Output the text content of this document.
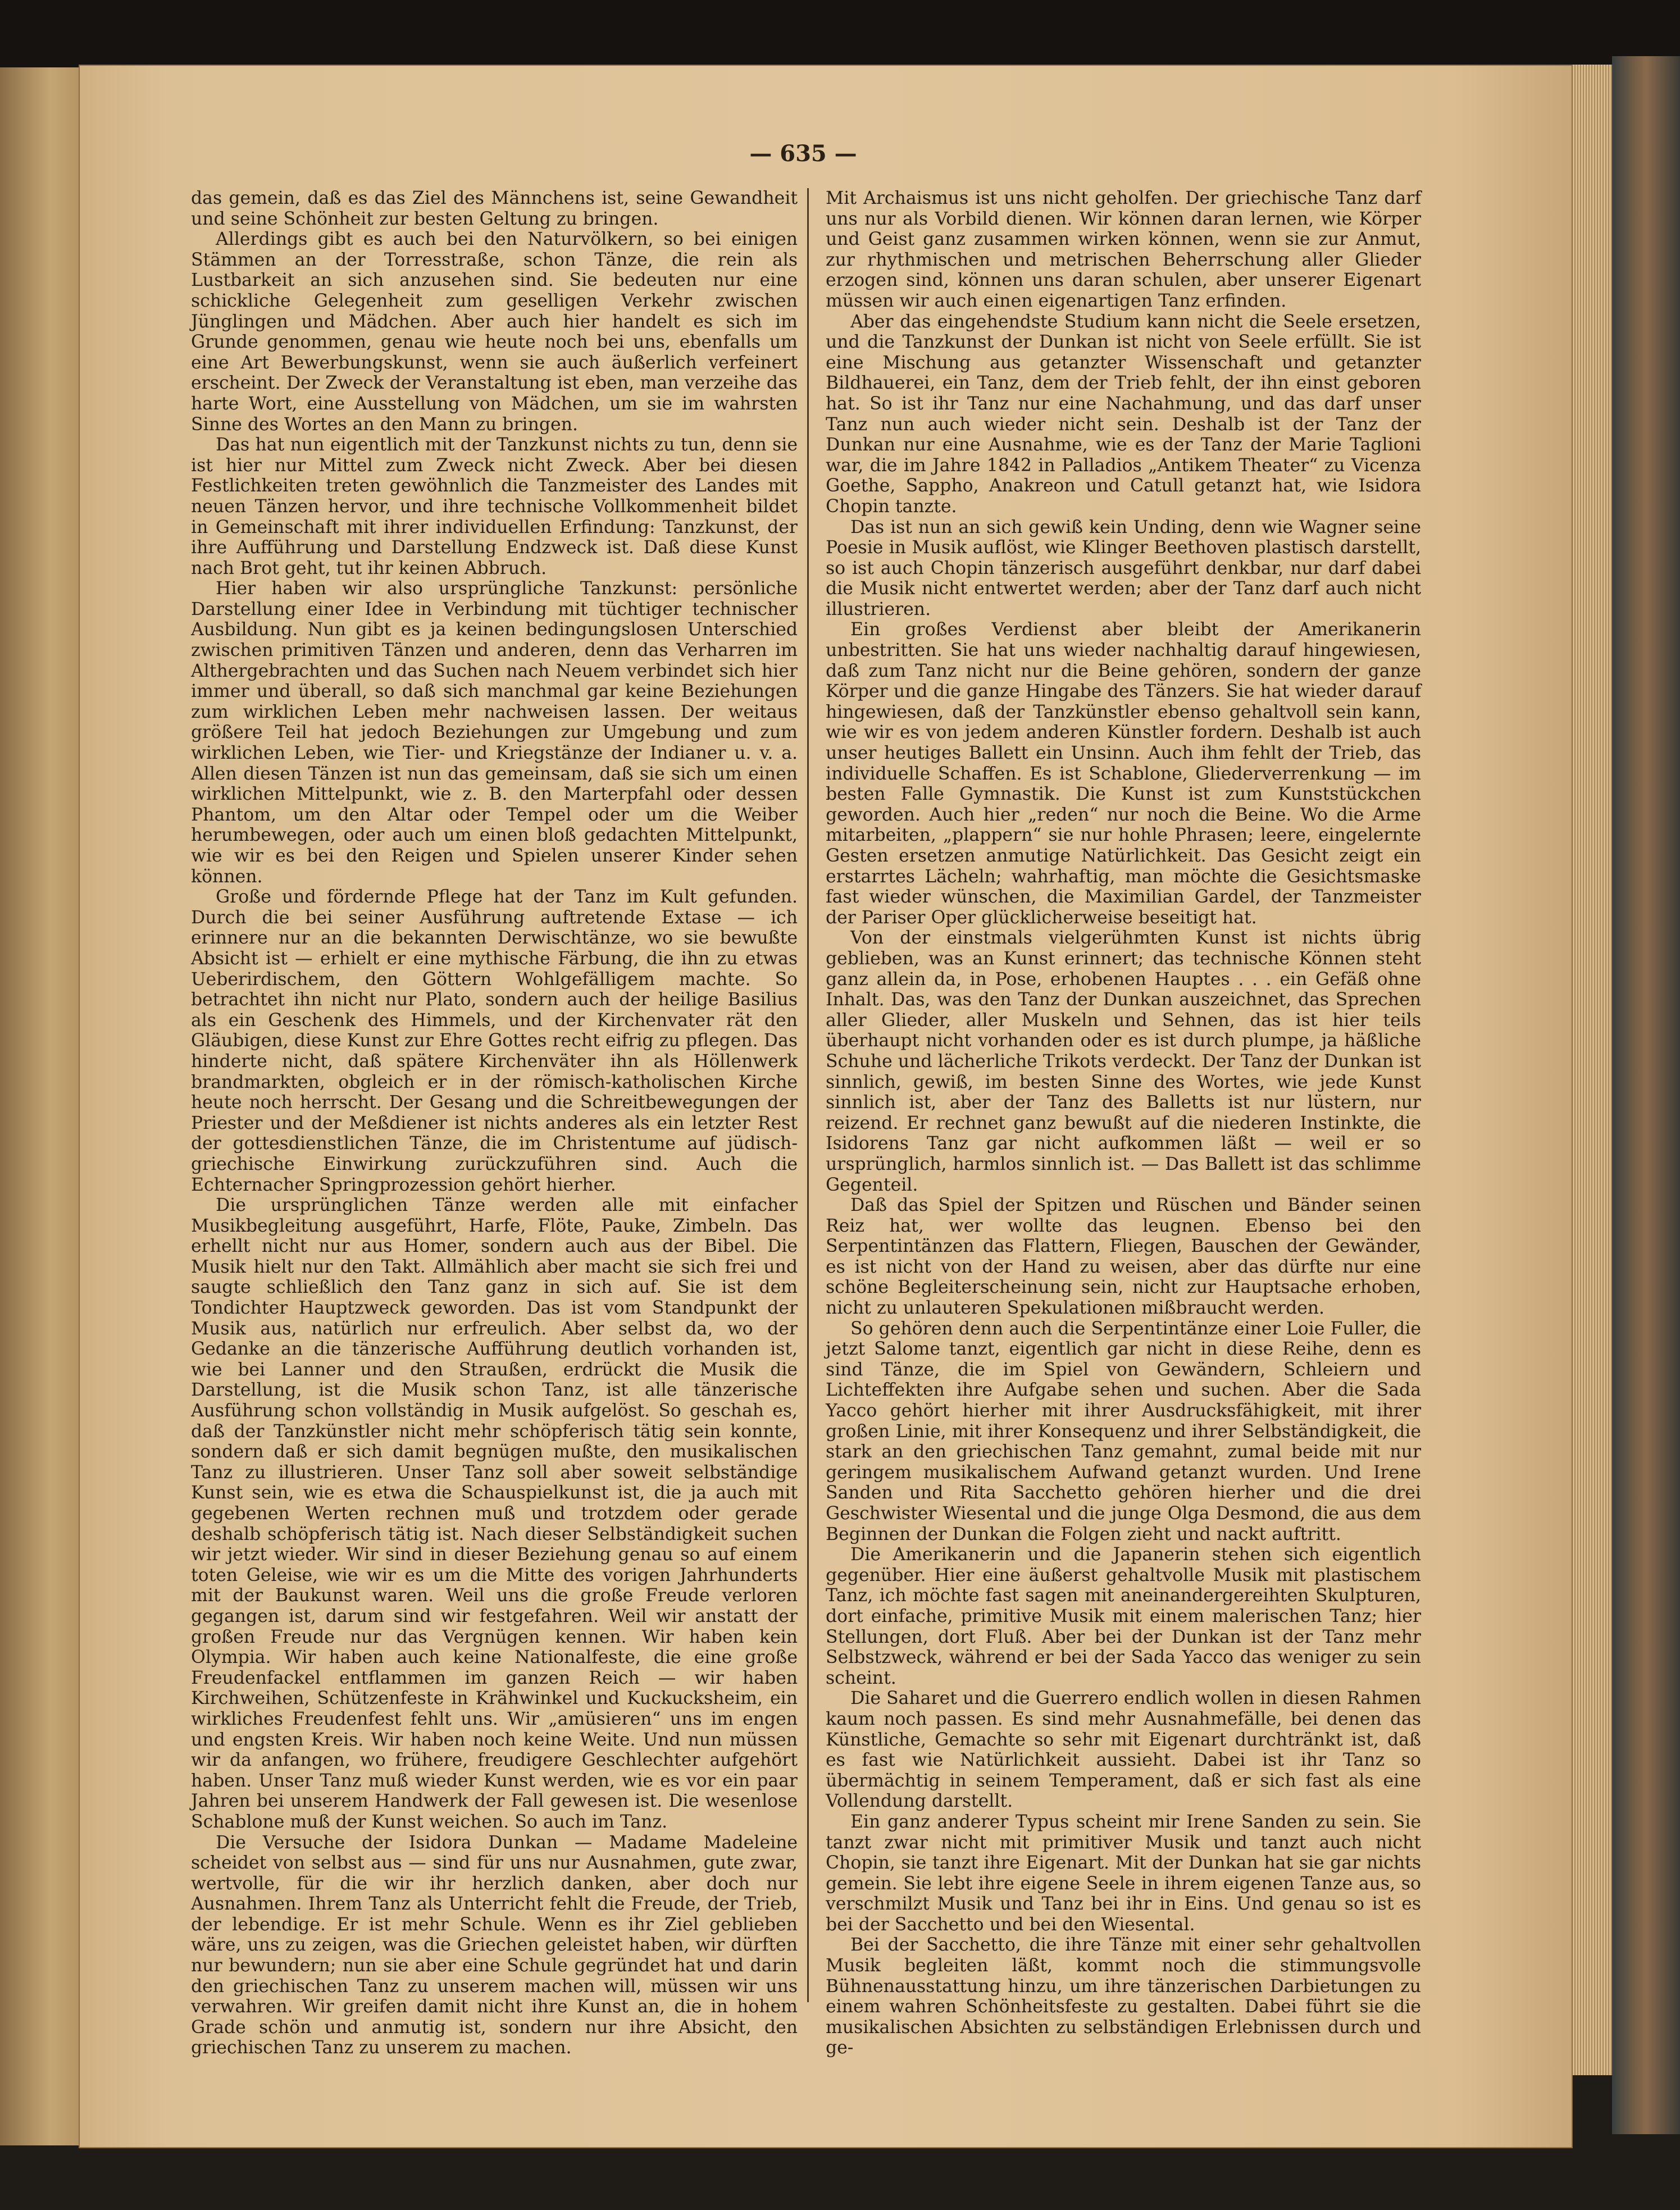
— 635 —

das gemein, daß es das Ziel des Männchens ist, seine Gewandheit und seine Schönheit zur besten Geltung zu bringen.

Allerdings gibt es auch bei den Naturvölkern, so bei einigen Stämmen an der Torresstraße, schon Tänze, die rein als Lustbarkeit an sich anzusehen sind. Sie bedeuten nur eine schickliche Gelegenheit zum geselligen Verkehr zwischen Jünglingen und Mädchen. Aber auch hier handelt es sich im Grunde genommen, genau wie heute noch bei uns, ebenfalls um eine Art Bewerbungskunst, wenn sie auch äußerlich verfeinert erscheint. Der Zweck der Veranstaltung ist eben, man verzeihe das harte Wort, eine Ausstellung von Mädchen, um sie im wahrsten Sinne des Wortes an den Mann zu bringen.

Das hat nun eigentlich mit der Tanzkunst nichts zu tun, denn sie ist hier nur Mittel zum Zweck nicht Zweck. Aber bei diesen Festlichkeiten treten gewöhnlich die Tanzmeister des Landes mit neuen Tänzen hervor, und ihre technische Vollkommenheit bildet in Gemeinschaft mit ihrer individuellen Erfindung: Tanzkunst, der ihre Aufführung und Darstellung Endzweck ist. Daß diese Kunst nach Brot geht, tut ihr keinen Abbruch.

Hier haben wir also ursprüngliche Tanzkunst: persönliche Darstellung einer Idee in Verbindung mit tüchtiger technischer Ausbildung. Nun gibt es ja keinen bedingungslosen Unterschied zwischen primitiven Tänzen und anderen, denn das Verharren im Althergebrachten und das Suchen nach Neuem verbindet sich hier immer und überall, so daß sich manchmal gar keine Beziehungen zum wirklichen Leben mehr nachweisen lassen. Der weitaus größere Teil hat jedoch Beziehungen zur Umgebung und zum wirklichen Leben, wie Tier- und Kriegstänze der Indianer u. v. a. Allen diesen Tänzen ist nun das gemeinsam, daß sie sich um einen wirklichen Mittelpunkt, wie z. B. den Marterpfahl oder dessen Phantom, um den Altar oder Tempel oder um die Weiber herumbewegen, oder auch um einen bloß gedachten Mittelpunkt, wie wir es bei den Reigen und Spielen unserer Kinder sehen können.

Große und fördernde Pflege hat der Tanz im Kult gefunden. Durch die bei seiner Ausführung auftretende Extase — ich erinnere nur an die bekannten Derwischtänze, wo sie bewußte Absicht ist — erhielt er eine mythische Färbung, die ihn zu etwas Ueberirdischem, den Göttern Wohlgefälligem machte. So betrachtet ihn nicht nur Plato, sondern auch der heilige Basilius als ein Geschenk des Himmels, und der Kirchenvater rät den Gläubigen, diese Kunst zur Ehre Gottes recht eifrig zu pflegen. Das hinderte nicht, daß spätere Kirchenväter ihn als Höllenwerk brandmarkten, obgleich er in der römisch-katholischen Kirche heute noch herrscht. Der Gesang und die Schreitbewegungen der Priester und der Meßdiener ist nichts anderes als ein letzter Rest der gottesdienstlichen Tänze, die im Christentume auf jüdisch-griechische Einwirkung zurückzuführen sind. Auch die Echternacher Springprozession gehört hierher.

Die ursprünglichen Tänze werden alle mit einfacher Musikbegleitung ausgeführt, Harfe, Flöte, Pauke, Zimbeln. Das erhellt nicht nur aus Homer, sondern auch aus der Bibel. Die Musik hielt nur den Takt. Allmählich aber macht sie sich frei und saugte schließlich den Tanz ganz in sich auf. Sie ist dem Tondichter Hauptzweck geworden. Das ist vom Standpunkt der Musik aus, natürlich nur erfreulich. Aber selbst da, wo der Gedanke an die tänzerische Aufführung deutlich vorhanden ist, wie bei Lanner und den Straußen, erdrückt die Musik die Darstellung, ist die Musik schon Tanz, ist alle tänzerische Ausführung schon vollständig in Musik aufgelöst. So geschah es, daß der Tanzkünstler nicht mehr schöpferisch tätig sein konnte, sondern daß er sich damit begnügen mußte, den musikalischen Tanz zu illustrieren. Unser Tanz soll aber soweit selbständige Kunst sein, wie es etwa die Schauspielkunst ist, die ja auch mit gegebenen Werten rechnen muß und trotzdem oder gerade deshalb schöpferisch tätig ist. Nach dieser Selbständigkeit suchen wir jetzt wieder. Wir sind in dieser Beziehung genau so auf einem toten Geleise, wie wir es um die Mitte des vorigen Jahrhunderts mit der Baukunst waren. Weil uns die große Freude verloren gegangen ist, darum sind wir festgefahren. Weil wir anstatt der großen Freude nur das Vergnügen kennen. Wir haben kein Olympia. Wir haben auch keine Nationalfeste, die eine große Freudenfackel entflammen im ganzen Reich — wir haben Kirchweihen, Schützenfeste in Krähwinkel und Kuckucksheim, ein wirkliches Freudenfest fehlt uns. Wir „amüsieren“ uns im engen und engsten Kreis. Wir haben noch keine Weite. Und nun müssen wir da anfangen, wo frühere, freudigere Geschlechter aufgehört haben. Unser Tanz muß wieder Kunst werden, wie es vor ein paar Jahren bei unserem Handwerk der Fall gewesen ist. Die wesenlose Schablone muß der Kunst weichen. So auch im Tanz.

Die Versuche der Isidora Dunkan — Madame Madeleine scheidet von selbst aus — sind für uns nur Ausnahmen, gute zwar, wertvolle, für die wir ihr herzlich danken, aber doch nur Ausnahmen. Ihrem Tanz als Unterricht fehlt die Freude, der Trieb, der lebendige. Er ist mehr Schule. Wenn es ihr Ziel geblieben wäre, uns zu zeigen, was die Griechen geleistet haben, wir dürften nur bewundern; nun sie aber eine Schule gegründet hat und darin den griechischen Tanz zu unserem machen will, müssen wir uns verwahren. Wir greifen damit nicht ihre Kunst an, die in hohem Grade schön und anmutig ist, sondern nur ihre Absicht, den griechischen Tanz zu unserem zu machen.

Mit Archaismus ist uns nicht geholfen. Der griechische Tanz darf uns nur als Vorbild dienen. Wir können daran lernen, wie Körper und Geist ganz zusammen wirken können, wenn sie zur Anmut, zur rhythmischen und metrischen Beherrschung aller Glieder erzogen sind, können uns daran schulen, aber unserer Eigenart müssen wir auch einen eigenartigen Tanz erfinden.

Aber das eingehendste Studium kann nicht die Seele ersetzen, und die Tanzkunst der Dunkan ist nicht von Seele erfüllt. Sie ist eine Mischung aus getanzter Wissenschaft und getanzter Bildhauerei, ein Tanz, dem der Trieb fehlt, der ihn einst geboren hat. So ist ihr Tanz nur eine Nachahmung, und das darf unser Tanz nun auch wieder nicht sein. Deshalb ist der Tanz der Dunkan nur eine Ausnahme, wie es der Tanz der Marie Taglioni war, die im Jahre 1842 in Palladios „Antikem Theater“ zu Vicenza Goethe, Sappho, Anakreon und Catull getanzt hat, wie Isidora Chopin tanzte.

Das ist nun an sich gewiß kein Unding, denn wie Wagner seine Poesie in Musik auflöst, wie Klinger Beethoven plastisch darstellt, so ist auch Chopin tänzerisch ausgeführt denkbar, nur darf dabei die Musik nicht entwertet werden; aber der Tanz darf auch nicht illustrieren.

Ein großes Verdienst aber bleibt der Amerikanerin unbestritten. Sie hat uns wieder nachhaltig darauf hingewiesen, daß zum Tanz nicht nur die Beine gehören, sondern der ganze Körper und die ganze Hingabe des Tänzers. Sie hat wieder darauf hingewiesen, daß der Tanzkünstler ebenso gehaltvoll sein kann, wie wir es von jedem anderen Künstler fordern. Deshalb ist auch unser heutiges Ballett ein Unsinn. Auch ihm fehlt der Trieb, das individuelle Schaffen. Es ist Schablone, Gliederverrenkung — im besten Falle Gymnastik. Die Kunst ist zum Kunststückchen geworden. Auch hier „reden“ nur noch die Beine. Wo die Arme mitarbeiten, „plappern“ sie nur hohle Phrasen; leere, eingelernte Gesten ersetzen anmutige Natürlichkeit. Das Gesicht zeigt ein erstarrtes Lächeln; wahrhaftig, man möchte die Gesichtsmaske fast wieder wünschen, die Maximilian Gardel, der Tanzmeister der Pariser Oper glücklicherweise beseitigt hat.

Von der einstmals vielgerühmten Kunst ist nichts übrig geblieben, was an Kunst erinnert; das technische Können steht ganz allein da, in Pose, erhobenen Hauptes . . . ein Gefäß ohne Inhalt. Das, was den Tanz der Dunkan auszeichnet, das Sprechen aller Glieder, aller Muskeln und Sehnen, das ist hier teils überhaupt nicht vorhanden oder es ist durch plumpe, ja häßliche Schuhe und lächerliche Trikots verdeckt. Der Tanz der Dunkan ist sinnlich, gewiß, im besten Sinne des Wortes, wie jede Kunst sinnlich ist, aber der Tanz des Balletts ist nur lüstern, nur reizend. Er rechnet ganz bewußt auf die niederen Instinkte, die Isidorens Tanz gar nicht aufkommen läßt — weil er so ursprünglich, harmlos sinnlich ist. — Das Ballett ist das schlimme Gegenteil.

Daß das Spiel der Spitzen und Rüschen und Bänder seinen Reiz hat, wer wollte das leugnen. Ebenso bei den Serpentintänzen das Flattern, Fliegen, Bauschen der Gewänder, es ist nicht von der Hand zu weisen, aber das dürfte nur eine schöne Begleiterscheinung sein, nicht zur Hauptsache erhoben, nicht zu unlauteren Spekulationen mißbraucht werden.

So gehören denn auch die Serpentintänze einer Loie Fuller, die jetzt Salome tanzt, eigentlich gar nicht in diese Reihe, denn es sind Tänze, die im Spiel von Gewändern, Schleiern und Lichteffekten ihre Aufgabe sehen und suchen. Aber die Sada Yacco gehört hierher mit ihrer Ausdrucksfähigkeit, mit ihrer großen Linie, mit ihrer Konsequenz und ihrer Selbständigkeit, die stark an den griechischen Tanz gemahnt, zumal beide mit nur geringem musikalischem Aufwand getanzt wurden. Und Irene Sanden und Rita Sacchetto gehören hierher und die drei Geschwister Wiesental und die junge Olga Desmond, die aus dem Beginnen der Dunkan die Folgen zieht und nackt auftritt.

Die Amerikanerin und die Japanerin stehen sich eigentlich gegenüber. Hier eine äußerst gehaltvolle Musik mit plastischem Tanz, ich möchte fast sagen mit aneinandergereihten Skulpturen, dort einfache, primitive Musik mit einem malerischen Tanz; hier Stellungen, dort Fluß. Aber bei der Dunkan ist der Tanz mehr Selbstzweck, während er bei der Sada Yacco das weniger zu sein scheint.

Die Saharet und die Guerrero endlich wollen in diesen Rahmen kaum noch passen. Es sind mehr Ausnahmefälle, bei denen das Künstliche, Gemachte so sehr mit Eigenart durchtränkt ist, daß es fast wie Natürlichkeit aussieht. Dabei ist ihr Tanz so übermächtig in seinem Temperament, daß er sich fast als eine Vollendung darstellt.

Ein ganz anderer Typus scheint mir Irene Sanden zu sein. Sie tanzt zwar nicht mit primitiver Musik und tanzt auch nicht Chopin, sie tanzt ihre Eigenart. Mit der Dunkan hat sie gar nichts gemein. Sie lebt ihre eigene Seele in ihrem eigenen Tanze aus, so verschmilzt Musik und Tanz bei ihr in Eins. Und genau so ist es bei der Sacchetto und bei den Wiesental.

Bei der Sacchetto, die ihre Tänze mit einer sehr gehaltvollen Musik begleiten läßt, kommt noch die stimmungsvolle Bühnenausstattung hinzu, um ihre tänzerischen Darbietungen zu einem wahren Schönheitsfeste zu gestalten. Dabei führt sie die musikalischen Absichten zu selbständigen Erlebnissen durch und ge-
